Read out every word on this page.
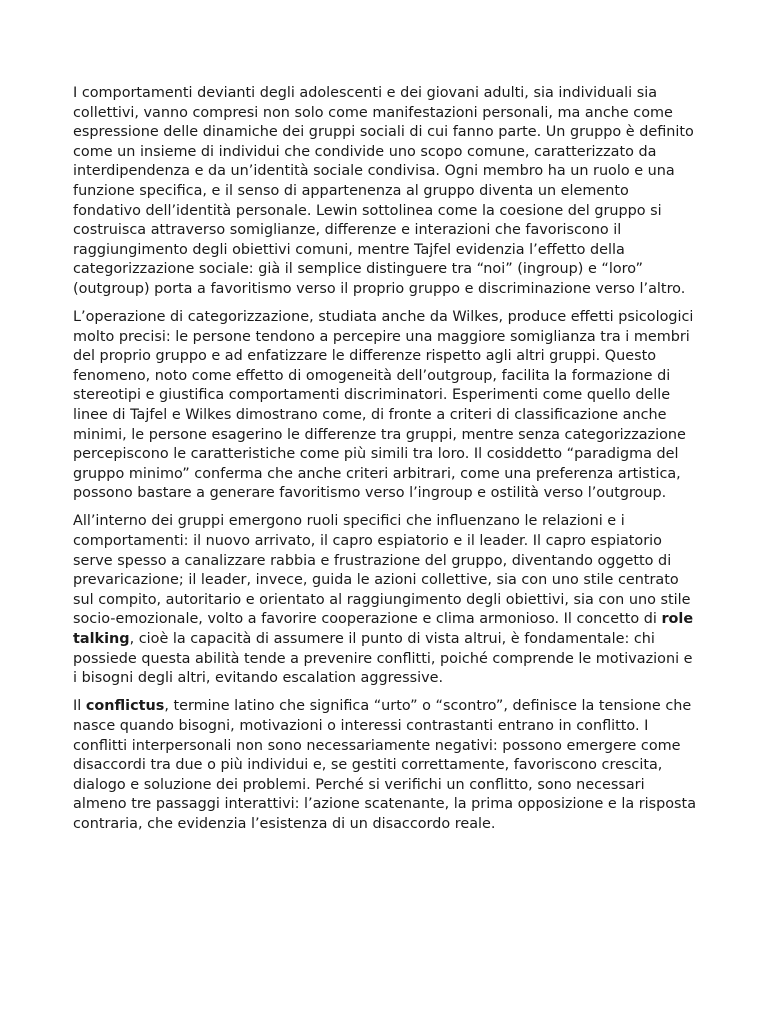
I comportamenti devianti degli adolescenti e dei giovani adulti, sia individuali sia collettivi, vanno compresi non solo come manifestazioni personali, ma anche come espressione delle dinamiche dei gruppi sociali di cui fanno parte. Un gruppo è definito come un insieme di individui che condivide uno scopo comune, caratterizzato da interdipendenza e da un’identità sociale condivisa. Ogni membro ha un ruolo e una funzione specifica, e il senso di appartenenza al gruppo diventa un elemento fondativo dell’identità personale. Lewin sottolinea come la coesione del gruppo si costruisca attraverso somiglianze, differenze e interazioni che favoriscono il raggiungimento degli obiettivi comuni, mentre Tajfel evidenzia l’effetto della categorizzazione sociale: già il semplice distinguere tra “noi” (ingroup) e “loro” (outgroup) porta a favoritismo verso il proprio gruppo e discriminazione verso l’altro.

L’operazione di categorizzazione, studiata anche da Wilkes, produce effetti psicologici molto precisi: le persone tendono a percepire una maggiore somiglianza tra i membri del proprio gruppo e ad enfatizzare le differenze rispetto agli altri gruppi. Questo fenomeno, noto come effetto di omogeneità dell’outgroup, facilita la formazione di stereotipi e giustifica comportamenti discriminatori. Esperimenti come quello delle linee di Tajfel e Wilkes dimostrano come, di fronte a criteri di classificazione anche minimi, le persone esagerino le differenze tra gruppi, mentre senza categorizzazione percepiscono le caratteristiche come più simili tra loro. Il cosiddetto “paradigma del gruppo minimo” conferma che anche criteri arbitrari, come una preferenza artistica, possono bastare a generare favoritismo verso l’ingroup e ostilità verso l’outgroup.

All’interno dei gruppi emergono ruoli specifici che influenzano le relazioni e i comportamenti: il nuovo arrivato, il capro espiatorio e il leader. Il capro espiatorio serve spesso a canalizzare rabbia e frustrazione del gruppo, diventando oggetto di prevaricazione; il leader, invece, guida le azioni collettive, sia con uno stile centrato sul compito, autoritario e orientato al raggiungimento degli obiettivi, sia con uno stile socio-emozionale, volto a favorire cooperazione e clima armonioso. Il concetto di role talking, cioè la capacità di assumere il punto di vista altrui, è fondamentale: chi possiede questa abilità tende a prevenire conflitti, poiché comprende le motivazioni e i bisogni degli altri, evitando escalation aggressive.

Il conflictus, termine latino che significa “urto” o “scontro”, definisce la tensione che nasce quando bisogni, motivazioni o interessi contrastanti entrano in conflitto. I conflitti interpersonali non sono necessariamente negativi: possono emergere come disaccordi tra due o più individui e, se gestiti correttamente, favoriscono crescita, dialogo e soluzione dei problemi. Perché si verifichi un conflitto, sono necessari almeno tre passaggi interattivi: l’azione scatenante, la prima opposizione e la risposta contraria, che evidenzia l’esistenza di un disaccordo reale.
